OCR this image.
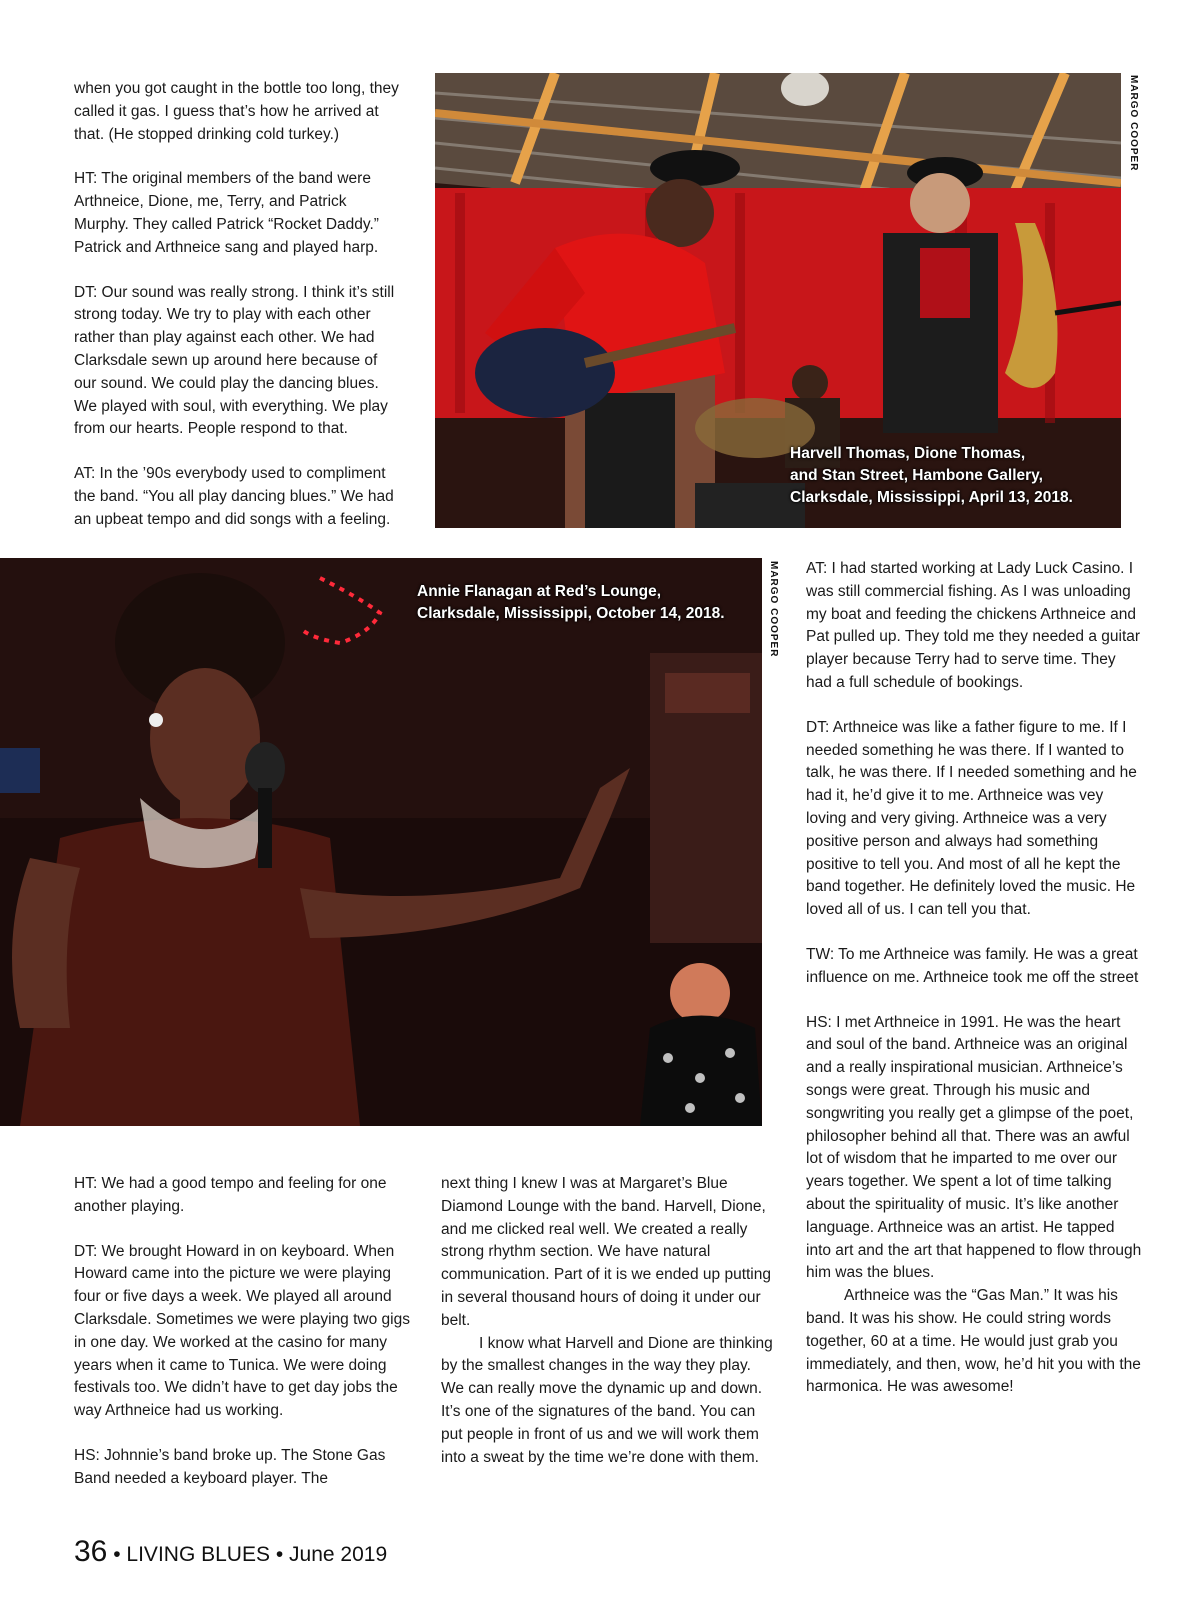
when you got caught in the bottle too long, they called it gas. I guess that’s how he arrived at that. (He stopped drinking cold turkey.)

HT: The original members of the band were Arthneice, Dione, me, Terry, and Patrick Murphy. They called Patrick “Rocket Daddy.” Patrick and Arthneice sang and played harp.

DT: Our sound was really strong. I think it’s still strong today. We try to play with each other rather than play against each other. We had Clarksdale sewn up around here because of our sound. We could play the dancing blues. We played with soul, with everything. We play from our hearts. People respond to that.

AT: In the ’90s everybody used to compliment the band. “You all play dancing blues.” We had an upbeat tempo and did songs with a feeling.

Harvell Thomas, Dione Thomas,
and Stan Street, Hambone Gallery,
Clarksdale, Mississippi, April 13, 2018.
MARGO COOPER
Annie Flanagan at Red’s Lounge,
Clarksdale, Mississippi, October 14, 2018.	MARGO COOPER AT: I had started working at Lady Luck Casino. I was still commercial fishing. As I was unloading my boat and feeding the chickens Arthneice and Pat pulled up. They told me they needed a guitar player because Terry had to serve time. They had a full schedule of bookings.

DT: Arthneice was like a father figure to me. If I needed something he was there. If I wanted to talk, he was there. If I needed something and he had it, he’d give it to me. Arthneice was vey loving and very giving. Arthneice was a very positive person and always had something positive to tell you. And most of all he kept the band together. He definitely loved the music. He loved all of us. I can tell you that.

TW: To me Arthneice was family. He was a great influence on me. Arthneice took me off the street

HS: I met Arthneice in 1991. He was the heart and soul of the band. Arthneice was an original and a really inspirational musician. Arthneice’s songs were great. Through his music and songwriting you really get a glimpse of the poet, philosopher behind all that. There was an awful lot of wisdom that he imparted to me over our years together. We spent a lot of time talking about the spirituality of music. It’s like another language. Arthneice was an artist. He tapped into art and the art that happened to flow through him was the blues.

Arthneice was the “Gas Man.” It was his band. It was his show. He could string words together, 60 at a time. He would just grab you immediately, and then, wow, he’d hit you with the harmonica. He was awesome!

HT: We had a good tempo and feeling for one another playing.

DT: We brought Howard in on keyboard. When Howard came into the picture we were playing four or five days a week. We played all around Clarksdale. Sometimes we were playing two gigs in one day. We worked at the casino for many years when it came to Tunica. We were doing festivals too. We didn’t have to get day jobs the way Arthneice had us working.

HS: Johnnie’s band broke up. The Stone Gas Band needed a keyboard player. The

next thing I knew I was at Margaret’s Blue Diamond Lounge with the band. Harvell, Dione, and me clicked real well. We created a really strong rhythm section. We have natural communication. Part of it is we ended up putting in several thousand hours of doing it under our belt.

I know what Harvell and Dione are thinking by the smallest changes in the way they play. We can really move the dynamic up and down. It’s one of the signatures of the band. You can put people in front of us and we will work them into a sweat by the time we’re done with them.

36 • LIVING BLUES • June 2019
